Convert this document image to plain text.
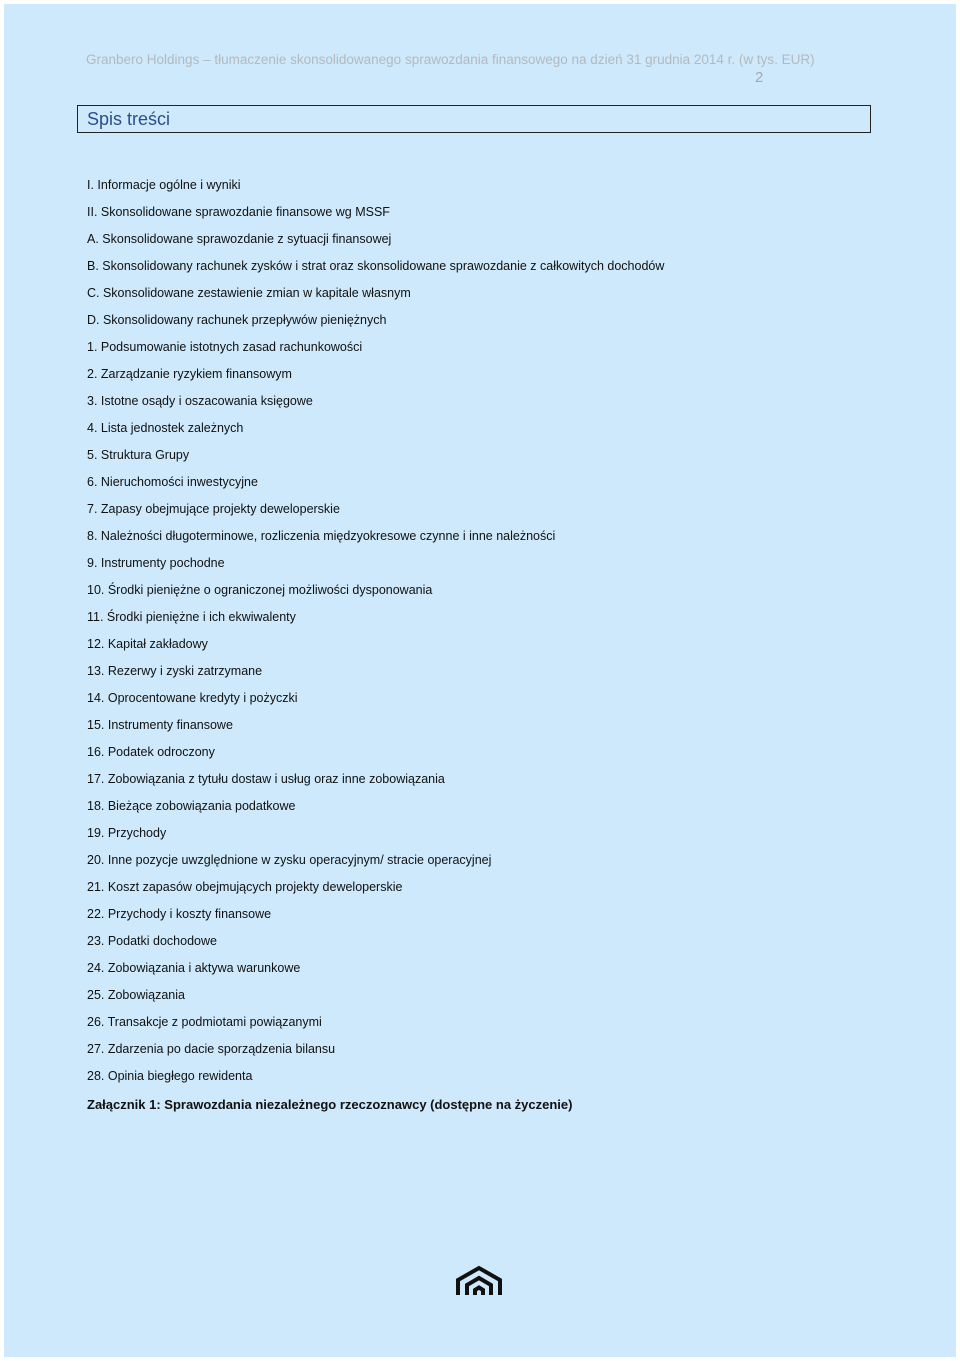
Granbero Holdings – tłumaczenie skonsolidowanego sprawozdania finansowego na dzień 31 grudnia 2014 r. (w tys. EUR)
2
Spis treści
I. Informacje ogólne i wyniki
II. Skonsolidowane sprawozdanie finansowe wg MSSF
A. Skonsolidowane sprawozdanie z sytuacji finansowej
B. Skonsolidowany rachunek zysków i strat oraz skonsolidowane sprawozdanie z całkowitych dochodów
C. Skonsolidowane zestawienie zmian w kapitale własnym
D. Skonsolidowany rachunek przepływów pieniężnych
1. Podsumowanie istotnych zasad rachunkowości
2. Zarządzanie ryzykiem finansowym
3. Istotne osądy i oszacowania księgowe
4. Lista jednostek zależnych
5. Struktura Grupy
6. Nieruchomości inwestycyjne
7. Zapasy obejmujące projekty deweloperskie
8. Należności długoterminowe, rozliczenia międzyokresowe czynne i inne należności
9. Instrumenty pochodne
10. Środki pieniężne o ograniczonej możliwości dysponowania
11. Środki pieniężne i ich ekwiwalenty
12. Kapitał zakładowy
13. Rezerwy i zyski zatrzymane
14. Oprocentowane kredyty i pożyczki
15. Instrumenty finansowe
16. Podatek odroczony
17. Zobowiązania z tytułu dostaw i usług oraz inne zobowiązania
18. Bieżące zobowiązania podatkowe
19. Przychody
20. Inne pozycje uwzględnione w zysku operacyjnym/ stracie operacyjnej
21. Koszt zapasów obejmujących projekty deweloperskie
22. Przychody i koszty finansowe
23. Podatki dochodowe
24. Zobowiązania i aktywa warunkowe
25. Zobowiązania
26. Transakcje z podmiotami powiązanymi
27. Zdarzenia po dacie sporządzenia bilansu
28. Opinia biegłego rewidenta
Załącznik 1: Sprawozdania niezależnego rzeczoznawcy (dostępne na życzenie)
